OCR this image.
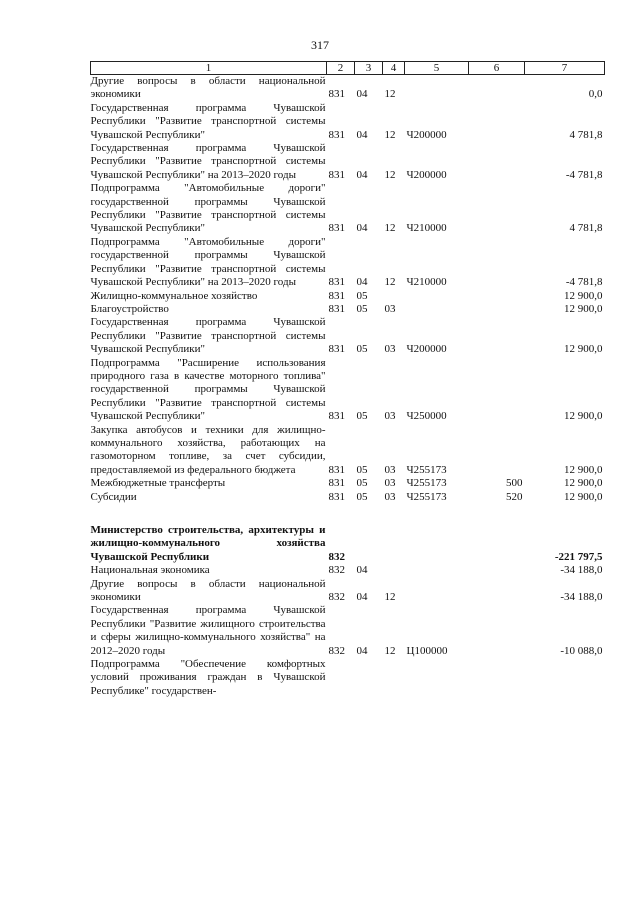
317
1	2	3	4	5	6	7
Другие вопросы в области национальной экономики	831	04	12			0,0
Государственная программа Чувашской Республики "Развитие транспортной системы Чувашской Республики"	831	04	12	Ч200000		4 781,8
Государственная программа Чувашской Республики "Развитие транспортной системы Чувашской Республики" на 2013–2020 годы	831	04	12	Ч200000		-4 781,8
Подпрограмма "Автомобильные дороги" государственной программы Чувашской Республики "Развитие транспортной системы Чувашской Республики"	831	04	12	Ч210000		4 781,8
Подпрограмма "Автомобильные дороги" государственной программы Чувашской Республики "Развитие транспортной системы Чувашской Республики" на 2013–2020 годы	831	04	12	Ч210000		-4 781,8
Жилищно-коммунальное хозяйство	831	05				12 900,0
Благоустройство	831	05	03			12 900,0
Государственная программа Чувашской Республики "Развитие транспортной системы Чувашской Республики"	831	05	03	Ч200000		12 900,0
Подпрограмма "Расширение использования природного газа в качестве моторного топлива" государственной программы Чувашской Республики "Развитие транспортной системы Чувашской Республики"	831	05	03	Ч250000		12 900,0
Закупка автобусов и техники для жилищно-коммунального хозяйства, работающих на газомоторном топливе, за счет субсидии, предоставляемой из федерального бюджета	831	05	03	Ч255173		12 900,0
Межбюджетные трансферты	831	05	03	Ч255173	500	12 900,0
Субсидии	831	05	03	Ч255173	520	12 900,0

Министерство строительства, архитектуры и жилищно-коммунального хозяйства Чувашской Республики	832					-221 797,5
Национальная экономика	832	04				-34 188,0
Другие вопросы в области национальной экономики	832	04	12			-34 188,0
Государственная программа Чувашской Республики "Развитие жилищного строительства и сферы жилищно-коммунального хозяйства" на 2012–2020 годы	832	04	12	Ц100000		-10 088,0
Подпрограмма "Обеспечение комфортных условий проживания граждан в Чувашской Республике" государствен-						
